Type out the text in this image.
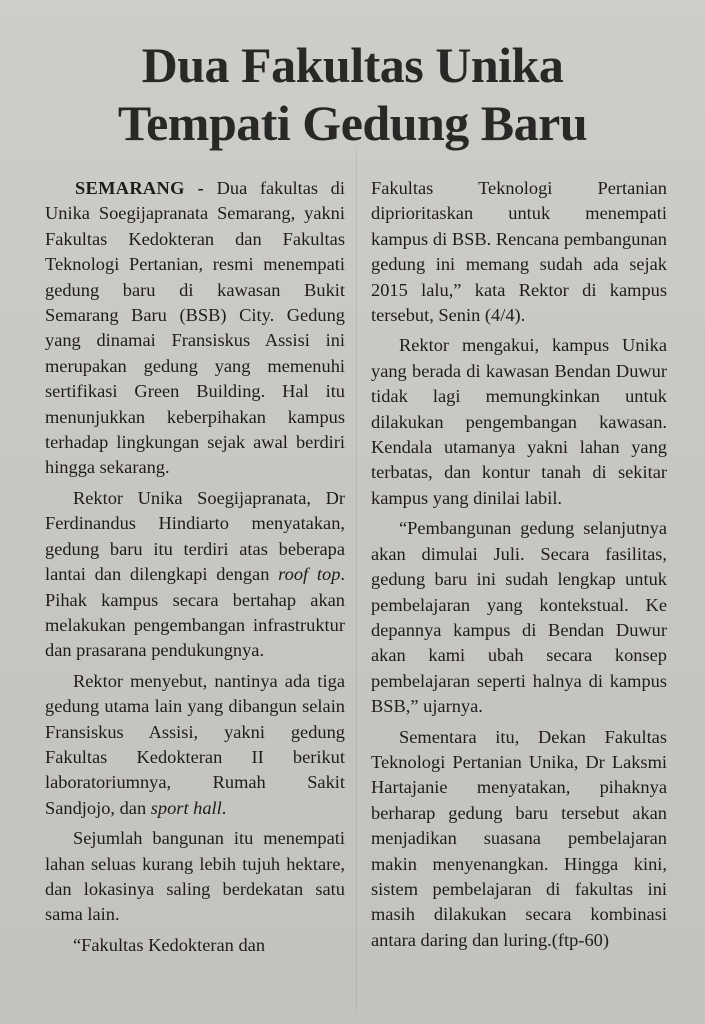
Dua Fakultas Unika
Tempati Gedung Baru

SEMARANG - Dua fakultas di Unika Soegijapranata Semarang, yakni Fakultas Kedokteran dan Fakultas Teknologi Pertanian, resmi menempati gedung baru di kawasan Bukit Semarang Baru (BSB) City. Gedung yang dinamai Fransiskus Assisi ini merupakan gedung yang memenuhi sertifikasi Green Building. Hal itu menunjukkan keberpihakan kampus terhadap lingkungan sejak awal berdiri hingga sekarang.

Rektor Unika Soegijapranata, Dr Ferdinandus Hindiarto menyatakan, gedung baru itu terdiri atas beberapa lantai dan dilengkapi dengan roof top. Pihak kampus secara bertahap akan melakukan pengembangan infrastruktur dan prasarana pendukungnya.

Rektor menyebut, nantinya ada tiga gedung utama lain yang dibangun selain Fransiskus Assisi, yakni gedung Fakultas Kedokteran II berikut laboratoriumnya, Rumah Sakit Sandjojo, dan sport hall.

Sejumlah bangunan itu menempati lahan seluas kurang lebih tujuh hektare, dan lokasinya saling berdekatan satu sama lain.

“Fakultas Kedokteran dan

Fakultas Teknologi Pertanian diprioritaskan untuk menempati kampus di BSB. Rencana pembangunan gedung ini memang sudah ada sejak 2015 lalu,” kata Rektor di kampus tersebut, Senin (4/4).

Rektor mengakui, kampus Unika yang berada di kawasan Bendan Duwur tidak lagi memungkinkan untuk dilakukan pengembangan kawasan. Kendala utamanya yakni lahan yang terbatas, dan kontur tanah di sekitar kampus yang dinilai labil.

“Pembangunan gedung selanjutnya akan dimulai Juli. Secara fasilitas, gedung baru ini sudah lengkap untuk pembelajaran yang kontekstual. Ke depannya kampus di Bendan Duwur akan kami ubah secara konsep pembelajaran seperti halnya di kampus BSB,” ujarnya.

Sementara itu, Dekan Fakultas Teknologi Pertanian Unika, Dr Laksmi Hartajanie menyatakan, pihaknya berharap gedung baru tersebut akan menjadikan suasana pembelajaran makin menyenangkan. Hingga kini, sistem pembelajaran di fakultas ini masih dilakukan secara kombinasi antara daring dan luring.(ftp-60)
